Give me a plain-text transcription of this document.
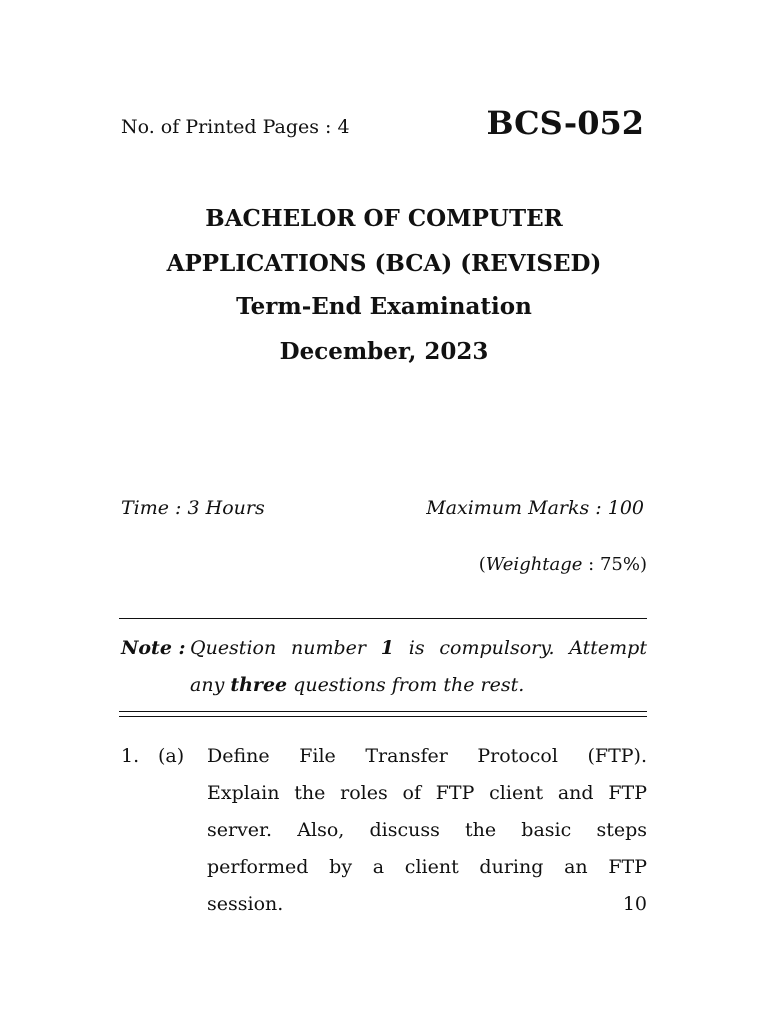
No. of Printed Pages : 4	BCS-052
BACHELOR OF COMPUTER
APPLICATIONS (BCA) (REVISED)
Term-End Examination
December, 2023
Time : 3 Hours	Maximum Marks : 100
(Weightage : 75%)
Note : Question number 1 is compulsory. Attempt
any three questions from the rest.
1. (a) Define File Transfer Protocol (FTP).
Explain the roles of FTP client and FTP
server. Also, discuss the basic steps
performed by a client during an FTP
session.	10
